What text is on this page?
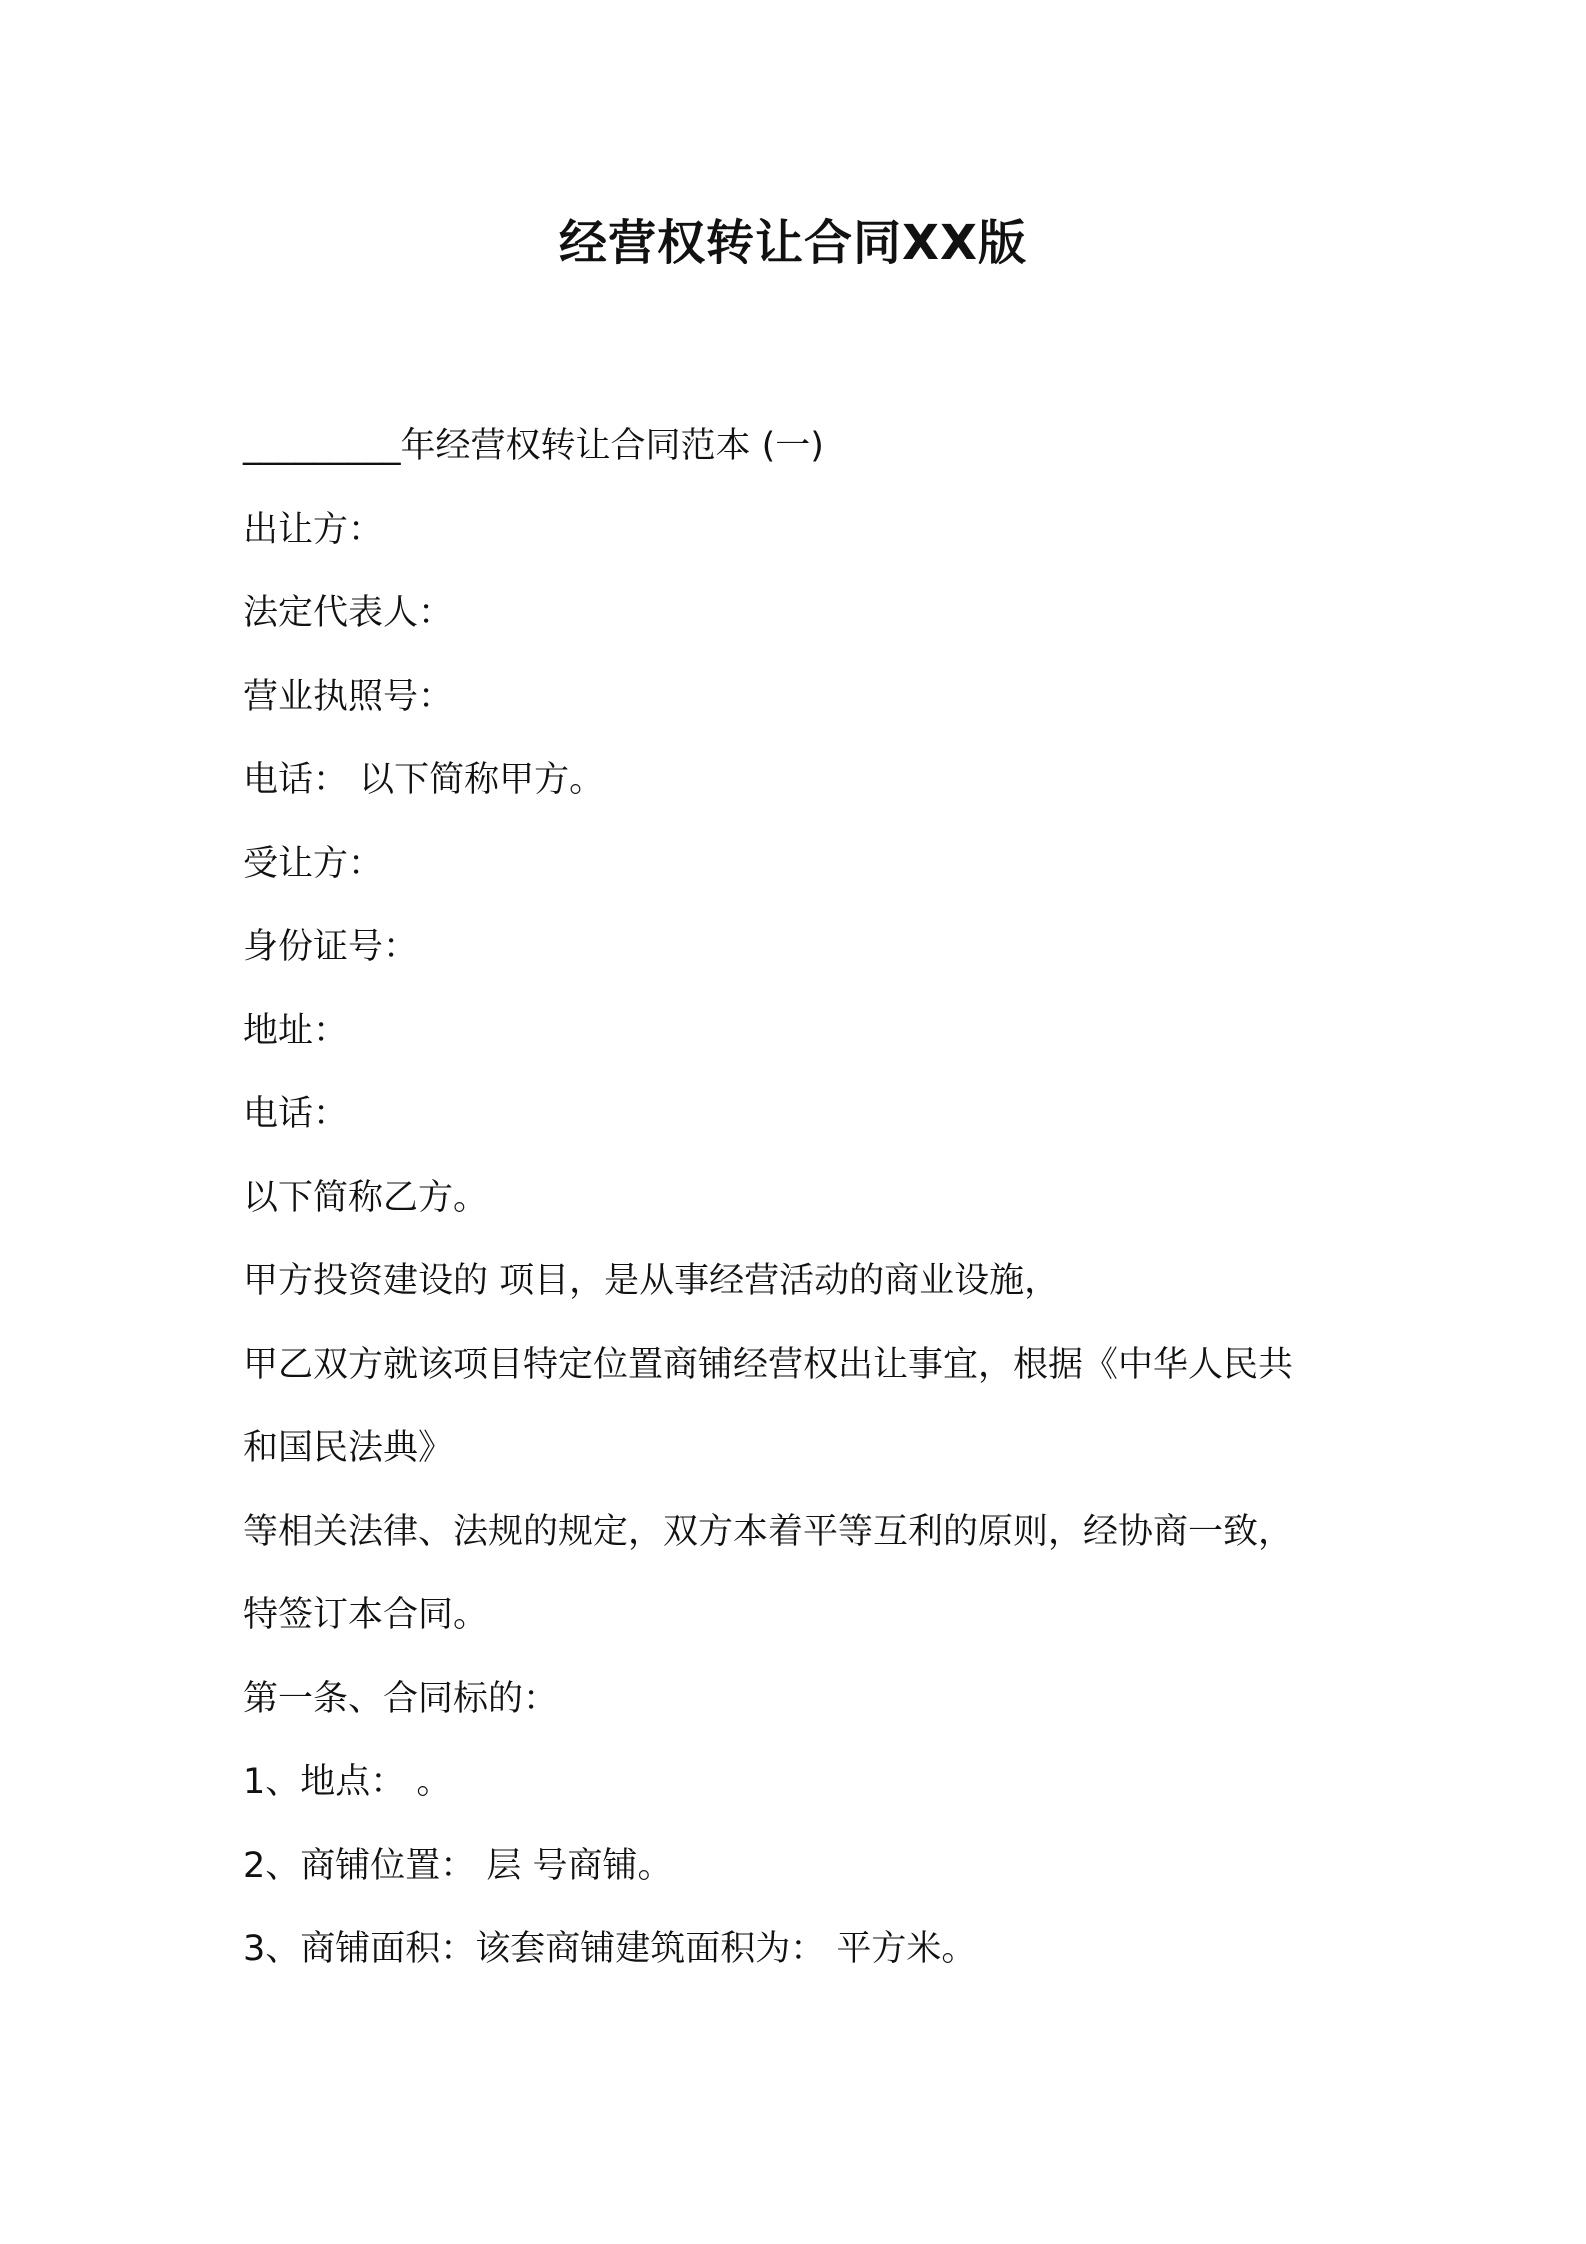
经营权转让合同XX版

_________年经营权转让合同范本 (一)

出让方：

法定代表人：

营业执照号：

电话： 以下简称甲方。

受让方：

身份证号：

地址：

电话：

以下简称乙方。

甲方投资建设的 项目，是从事经营活动的商业设施，

甲乙双方就该项目特定位置商铺经营权出让事宜，根据《中华人民共

和国民法典》

等相关法律、法规的规定，双方本着平等互利的原则，经协商一致，

特签订本合同。

第一条、合同标的：

1、地点： 。

2、商铺位置： 层 号商铺。

3、商铺面积：该套商铺建筑面积为： 平方米。
